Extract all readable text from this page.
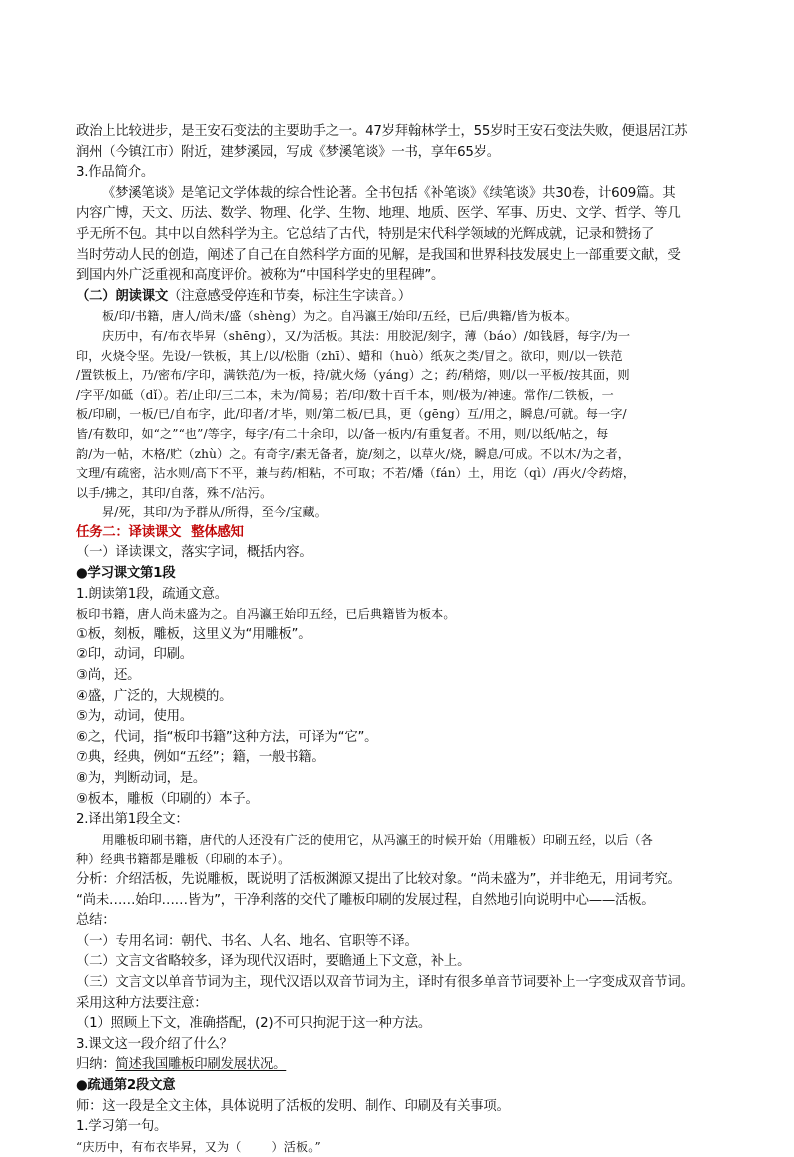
政治上比较进步，是王安石变法的主要助手之一。47岁拜翰林学士，55岁时王安石变法失败，便退居江苏

润州（今镇江市）附近，建梦溪园，写成《梦溪笔谈》一书，享年65岁。

3.作品简介。

《梦溪笔谈》是笔记文学体裁的综合性论著。全书包括《补笔谈》《续笔谈》共30卷，计609篇。其

内容广博，天文、历法、数学、物理、化学、生物、地理、地质、医学、军事、历史、文学、哲学、等几

乎无所不包。其中以自然科学为主。它总结了古代，特别是宋代科学领域的光辉成就，记录和赞扬了

当时劳动人民的创造，阐述了自己在自然科学方面的见解，是我国和世界科技发展史上一部重要文献，受

到国内外广泛重视和高度评价。被称为“中国科学史的里程碑”。

（二）朗读课文（注意感受停连和节奏，标注生字读音。）

板/印/书籍，唐人/尚未/盛（shèng）为之。自冯瀛王/始印/五经，已后/典籍/皆为板本。

庆历中，有/布衣毕昇（shēng），又/为活板。其法：用胶泥/刻字，薄（báo）/如钱唇，每字/为一

印，火烧令坚。先设/一铁板，其上/以/松脂（zhī）、蜡和（huò）纸灰之类/冒之。欲印，则/以一铁范

/置铁板上，乃/密布/字印，满铁范/为一板，持/就火炀（yáng）之；药/稍熔，则/以一平板/按其面，则

/字平/如砥（dǐ）。若/止印/三二本，未为/简易；若/印/数十百千本，则/极为/神速。常作/二铁板，一

板/印刷，一板/已/自布字，此/印者/才毕，则/第二板/已具，更（gēng）互/用之，瞬息/可就。每一字/

皆/有数印，如“之”“也”/等字，每字/有二十余印，以/备一板内/有重复者。不用，则/以纸/帖之，每

韵/为一帖，木格/贮（zhù）之。有奇字/素无备者，旋/刻之，以草火/烧，瞬息/可成。不以木/为之者，

文理/有疏密，沾水则/高下不平，兼与药/相粘，不可取；不若/燔（fán）土，用讫（qì）/再火/令药熔，

以手/拂之，其印/自落，殊不/沾污。

昇/死，其印/为予群从/所得，至今/宝藏。

任务二：译读课文 整体感知

（一）译读课文，落实字词，概括内容。

●学习课文第1段

1.朗读第1段，疏通文意。

板印书籍，唐人尚未盛为之。自冯瀛王始印五经，已后典籍皆为板本。

①板，刻板，雕板，这里义为“用雕板”。

②印，动词，印刷。

③尚，还。

④盛，广泛的，大规模的。

⑤为，动词，使用。

⑥之，代词，指“板印书籍”这种方法，可译为“它”。

⑦典，经典，例如“五经”；籍，一般书籍。

⑧为，判断动词，是。

⑨板本，雕板（印刷的）本子。

2.译出第1段全文：

用雕板印刷书籍，唐代的人还没有广泛的使用它，从冯瀛王的时候开始（用雕板）印刷五经，以后（各

种）经典书籍都是雕板（印刷的本子）。

分析：介绍活板，先说雕板，既说明了活板渊源又提出了比较对象。“尚未盛为”，并非绝无，用词考究。

“尚未……始印……皆为”，干净利落的交代了雕板印刷的发展过程，自然地引向说明中心——活板。

总结：

（一）专用名词：朝代、书名、人名、地名、官职等不译。

（二）文言文省略较多，译为现代汉语时，要瞻通上下文意，补上。

（三）文言文以单音节词为主，现代汉语以双音节词为主，译时有很多单音节词要补上一字变成双音节词。

采用这种方法要注意：

（1）照顾上下文，准确搭配，(2)不可只拘泥于这一种方法。

3.课文这一段介绍了什么？

归纳：简述我国雕板印刷发展状况。

●疏通第2段文意

师：这一段是全文主体，具体说明了活板的发明、制作、印刷及有关事项。

1.学习第一句。

“庆历中，有布衣毕昇，又为（ ）活板。”
